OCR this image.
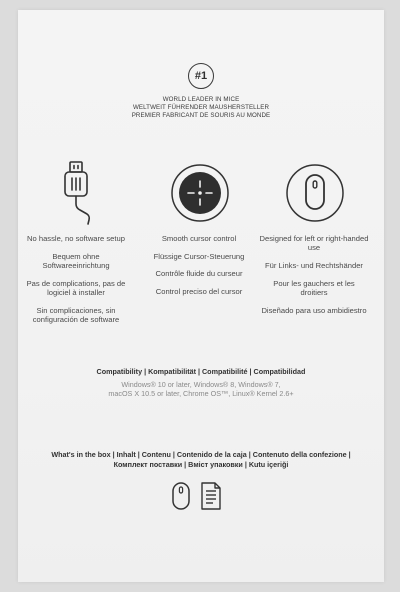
#1
WORLD LEADER IN MICE
WELTWEIT FÜHRENDER MAUSHERSTELLER
PREMIER FABRICANT DE SOURIS AU MONDE

No hassle, no software setup

Bequem ohne Softwareeinrichtung

Pas de complications, pas de logiciel à installer

Sin complicaciones, sin configuración de software

Smooth cursor control

Flüssige Cursor-Steuerung

Contrôle fluide du curseur

Control preciso del cursor

Designed for left or right-handed use

Für Links- und Rechtshänder

Pour les gauchers et les droitiers

Diseñado para uso ambidiestro

Compatibility | Kompatibilität | Compatibilité | Compatibilidad
Windows® 10 or later, Windows® 8, Windows® 7,
macOS X 10.5 or later, Chrome OS™, Linux® Kernel 2.6+
What's in the box | Inhalt | Contenu | Contenido de la caja | Contenuto della confezione | Комплект поставки | Вміст упаковки | Kutu içeriği
